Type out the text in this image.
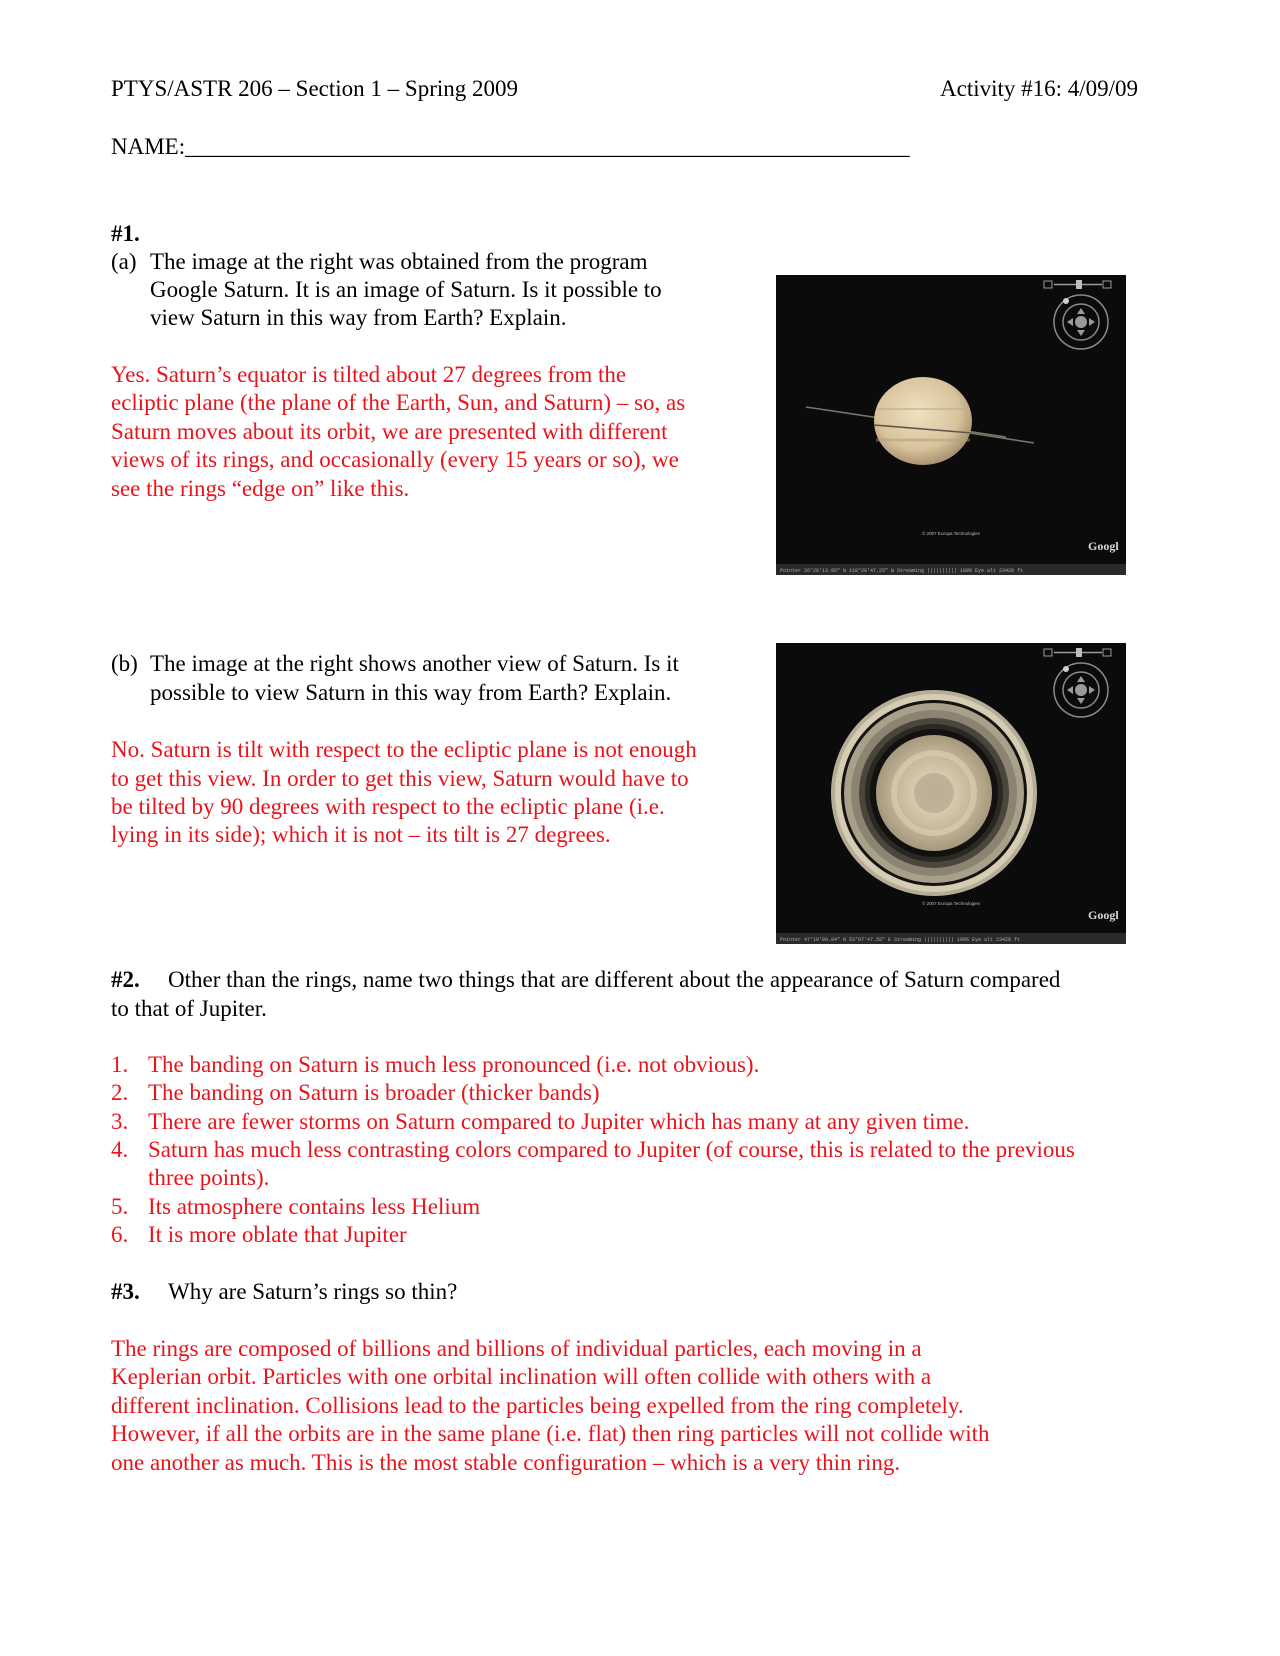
PTYS/ASTR 206 – Section 1 – Spring 2009	Activity #16: 4/09/09
NAME:_______________________________________________________________
#1.
(a) The image at the right was obtained from the program
Google Saturn. It is an image of Saturn. Is it possible to
view Saturn in this way from Earth? Explain.
Yes. Saturn’s equator is tilted about 27 degrees from the
ecliptic plane (the plane of the Earth, Sun, and Saturn) – so, as
Saturn moves about its orbit, we are presented with different
views of its rings, and occasionally (every 15 years or so), we
see the rings “edge on” like this.
© 2007 Europa Technologies
Googl
Pointer 26°26'13.95" N 118°28'47.25" W Streaming |||||||||| 100% Eye alt 23428 ft
(b) The image at the right shows another view of Saturn. Is it
possible to view Saturn in this way from Earth? Explain.
No. Saturn is tilt with respect to the ecliptic plane is not enough
to get this view. In order to get this view, Saturn would have to
be tilted by 90 degrees with respect to the ecliptic plane (i.e.
lying in its side); which it is not – its tilt is 27 degrees.
© 2007 Europa Technologies
Googl
Pointer 47°10'09.84" N 53°07'47.58" E Streaming |||||||||| 100% Eye alt 23428 ft
#2. Other than the rings, name two things that are different about the appearance of Saturn compared
to that of Jupiter.
1. The banding on Saturn is much less pronounced (i.e. not obvious).
2. The banding on Saturn is broader (thicker bands)
3. There are fewer storms on Saturn compared to Jupiter which has many at any given time.
4. Saturn has much less contrasting colors compared to Jupiter (of course, this is related to the previous
three points).
5. Its atmosphere contains less Helium
6. It is more oblate that Jupiter
#3. Why are Saturn’s rings so thin?
The rings are composed of billions and billions of individual particles, each moving in a
Keplerian orbit. Particles with one orbital inclination will often collide with others with a
different inclination. Collisions lead to the particles being expelled from the ring completely.
However, if all the orbits are in the same plane (i.e. flat) then ring particles will not collide with
one another as much. This is the most stable configuration – which is a very thin ring.
